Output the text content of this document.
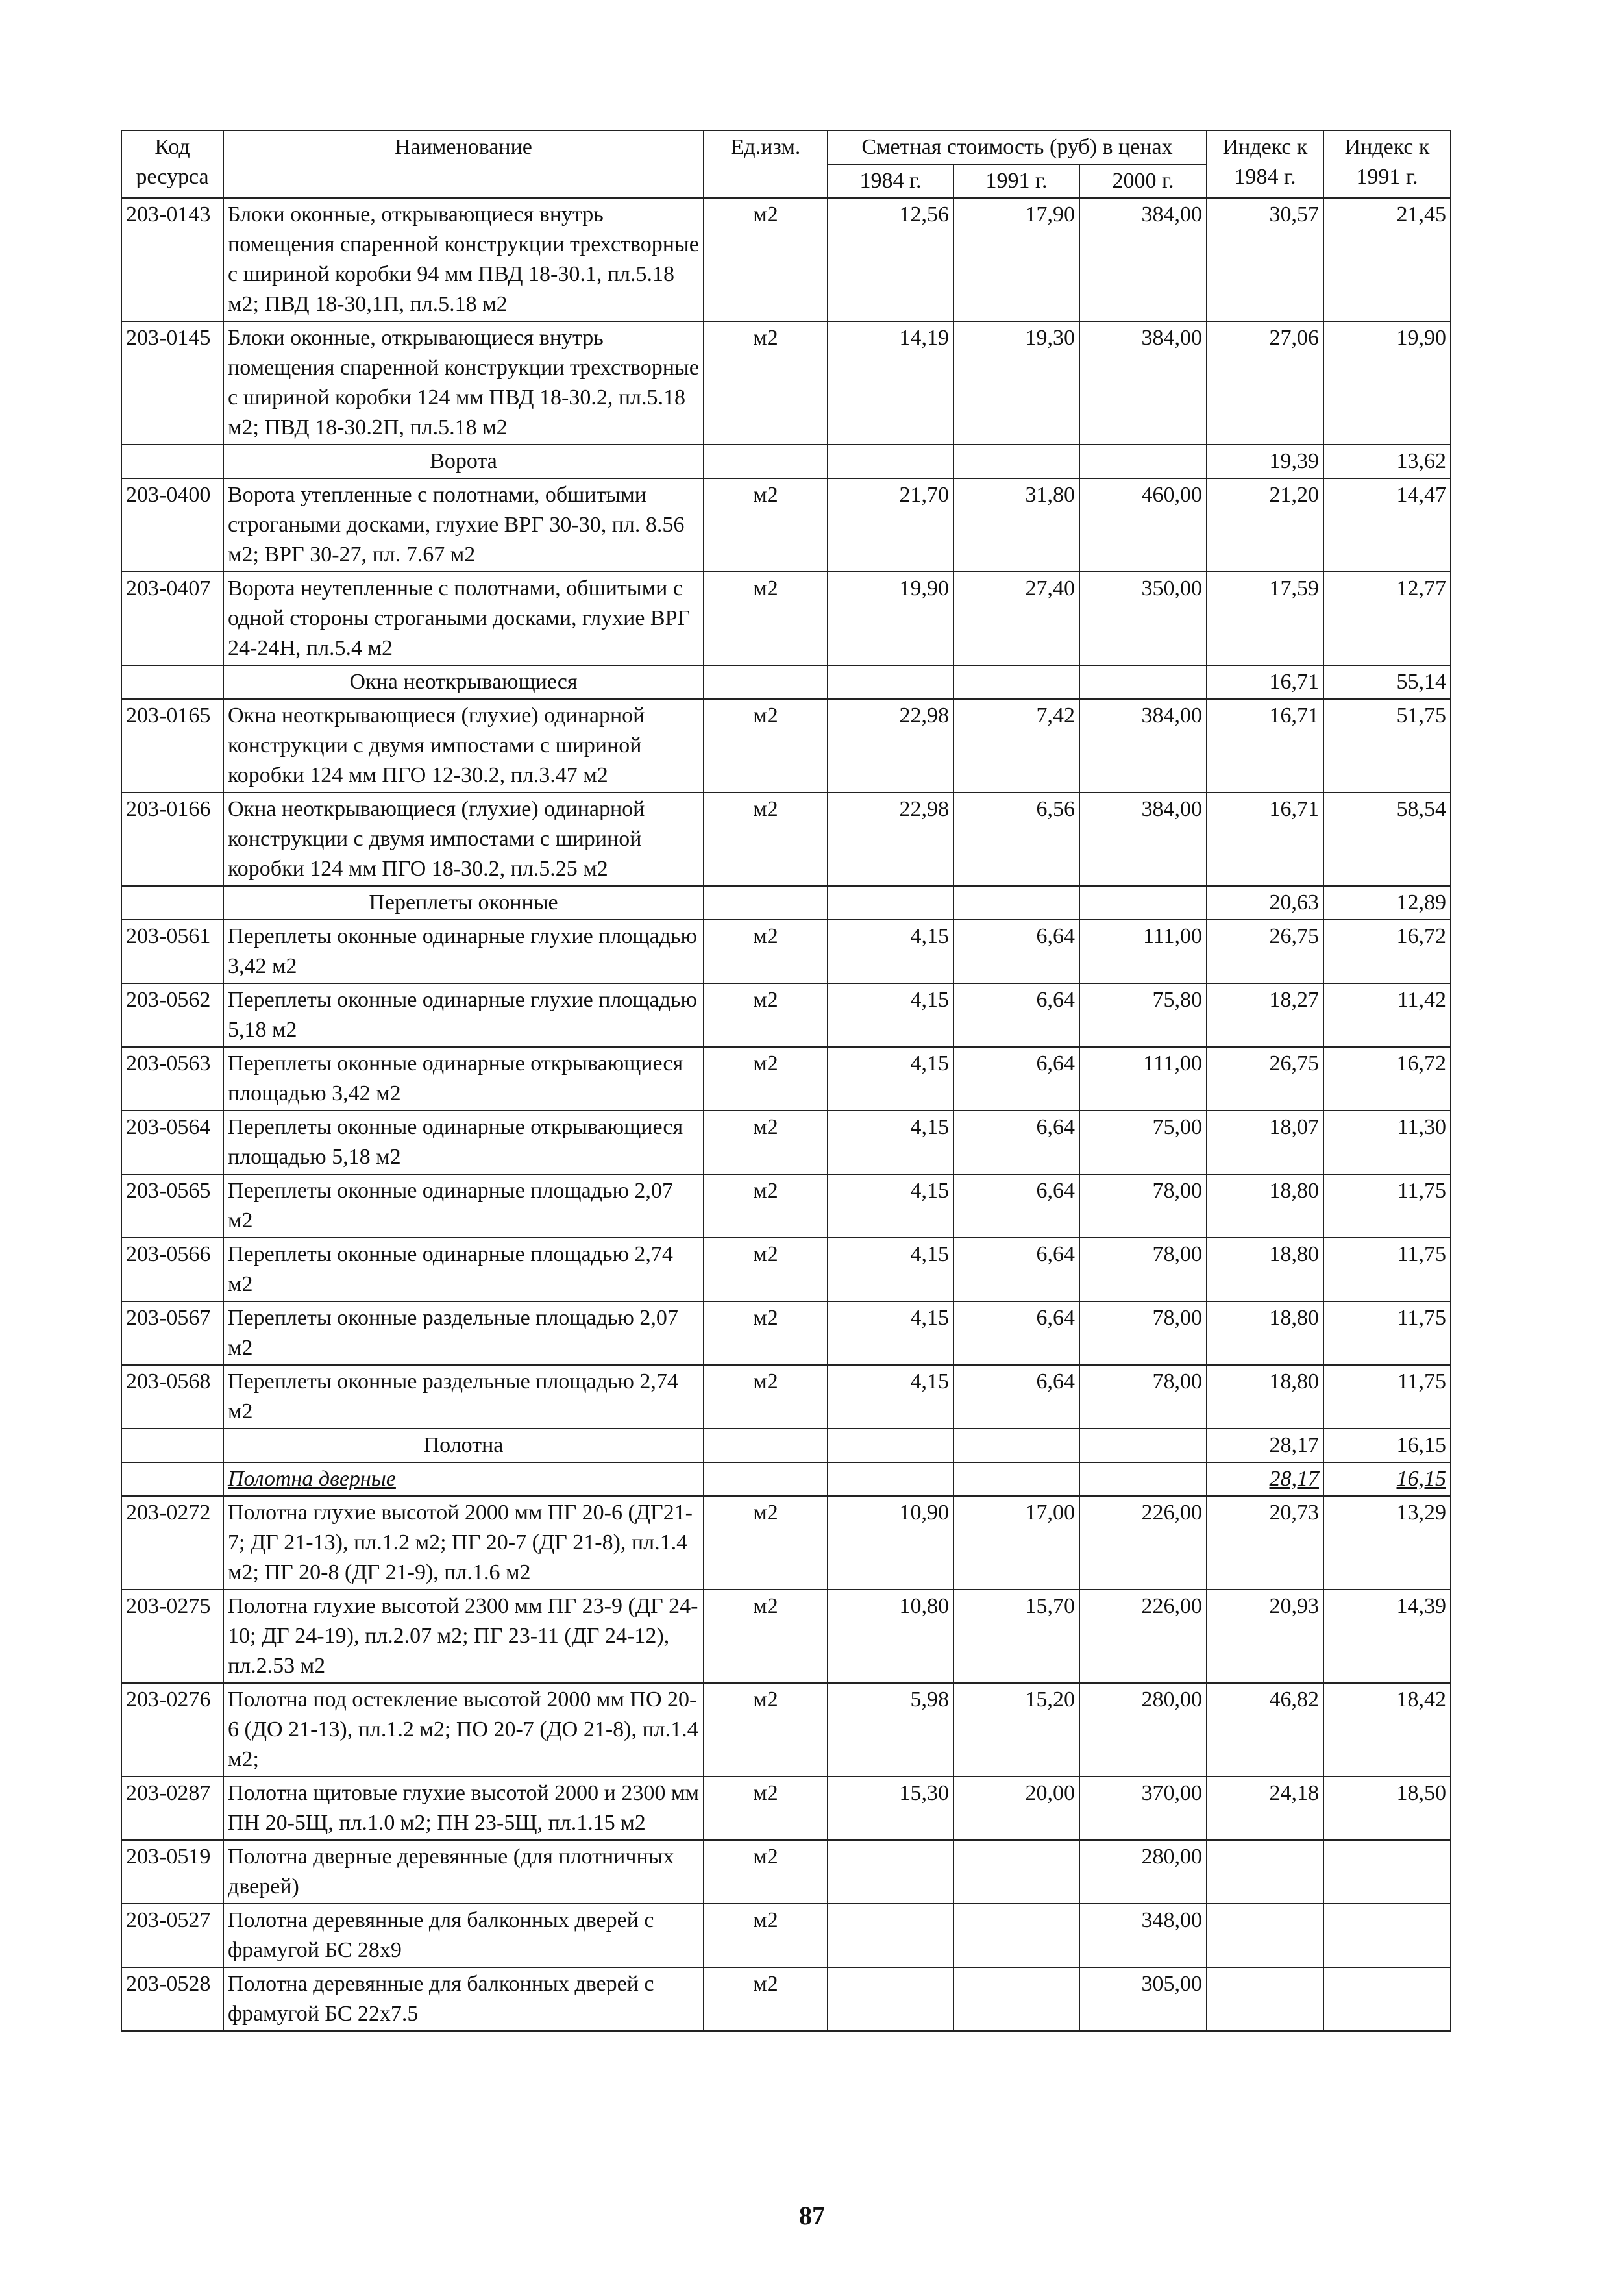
Код ресурса	Наименование	Ед.изм.	Сметная стоимость (руб) в ценах			Индекс к 1984 г.	Индекс к 1991 г.
			1984 г.	1991 г.	2000 г.		
203-0143	Блоки оконные, открывающиеся внутрь помещения спаренной конструкции трехстворные с шириной коробки 94 мм ПВД 18-30.1, пл.5.18 м2; ПВД 18-30,1П, пл.5.18 м2	м2	12,56	17,90	384,00	30,57	21,45
203-0145	Блоки оконные, открывающиеся внутрь помещения спаренной конструкции трехстворные с шириной коробки 124 мм ПВД 18-30.2, пл.5.18 м2; ПВД 18-30.2П, пл.5.18 м2	м2	14,19	19,30	384,00	27,06	19,90
	Ворота					19,39	13,62
203-0400	Ворота утепленные с полотнами, обшитыми строгаными досками, глухие ВРГ 30-30, пл. 8.56 м2; ВРГ 30-27, пл. 7.67 м2	м2	21,70	31,80	460,00	21,20	14,47
203-0407	Ворота неутепленные с полотнами, обшитыми с одной стороны строгаными досками, глухие ВРГ 24-24Н, пл.5.4 м2	м2	19,90	27,40	350,00	17,59	12,77
	Окна неоткрывающиеся					16,71	55,14
203-0165	Окна неоткрывающиеся (глухие) одинарной конструкции с двумя импостами с шириной коробки 124 мм ПГО 12-30.2, пл.3.47 м2	м2	22,98	7,42	384,00	16,71	51,75
203-0166	Окна неоткрывающиеся (глухие) одинарной конструкции с двумя импостами с шириной коробки 124 мм ПГО 18-30.2, пл.5.25 м2	м2	22,98	6,56	384,00	16,71	58,54
	Переплеты оконные					20,63	12,89
203-0561	Переплеты оконные одинарные глухие площадью 3,42 м2	м2	4,15	6,64	111,00	26,75	16,72
203-0562	Переплеты оконные одинарные глухие площадью 5,18 м2	м2	4,15	6,64	75,80	18,27	11,42
203-0563	Переплеты оконные одинарные открывающиеся площадью 3,42 м2	м2	4,15	6,64	111,00	26,75	16,72
203-0564	Переплеты оконные одинарные открывающиеся площадью 5,18 м2	м2	4,15	6,64	75,00	18,07	11,30
203-0565	Переплеты оконные одинарные площадью 2,07 м2	м2	4,15	6,64	78,00	18,80	11,75
203-0566	Переплеты оконные одинарные площадью 2,74 м2	м2	4,15	6,64	78,00	18,80	11,75
203-0567	Переплеты оконные раздельные площадью 2,07 м2	м2	4,15	6,64	78,00	18,80	11,75
203-0568	Переплеты оконные раздельные площадью 2,74 м2	м2	4,15	6,64	78,00	18,80	11,75
	Полотна					28,17	16,15
	Полотна дверные					28,17	16,15
203-0272	Полотна глухие высотой 2000 мм ПГ 20-6 (ДГ21-7; ДГ 21-13), пл.1.2 м2; ПГ 20-7 (ДГ 21-8), пл.1.4 м2; ПГ 20-8 (ДГ 21-9), пл.1.6 м2	м2	10,90	17,00	226,00	20,73	13,29
203-0275	Полотна глухие высотой 2300 мм ПГ 23-9 (ДГ 24-10; ДГ 24-19), пл.2.07 м2; ПГ 23-11 (ДГ 24-12), пл.2.53 м2	м2	10,80	15,70	226,00	20,93	14,39
203-0276	Полотна под остекление высотой 2000 мм ПО 20-6 (ДО 21-13), пл.1.2 м2; ПО 20-7 (ДО 21-8), пл.1.4 м2;	м2	5,98	15,20	280,00	46,82	18,42
203-0287	Полотна щитовые глухие высотой 2000 и 2300 мм ПН 20-5Щ, пл.1.0 м2; ПН 23-5Щ, пл.1.15 м2	м2	15,30	20,00	370,00	24,18	18,50
203-0519	Полотна дверные деревянные (для плотничных дверей)	м2			280,00		
203-0527	Полотна деревянные для балконных дверей с фрамугой БС 28х9	м2			348,00		
203-0528	Полотна деревянные для балконных дверей с фрамугой БС 22х7.5	м2			305,00		
87
